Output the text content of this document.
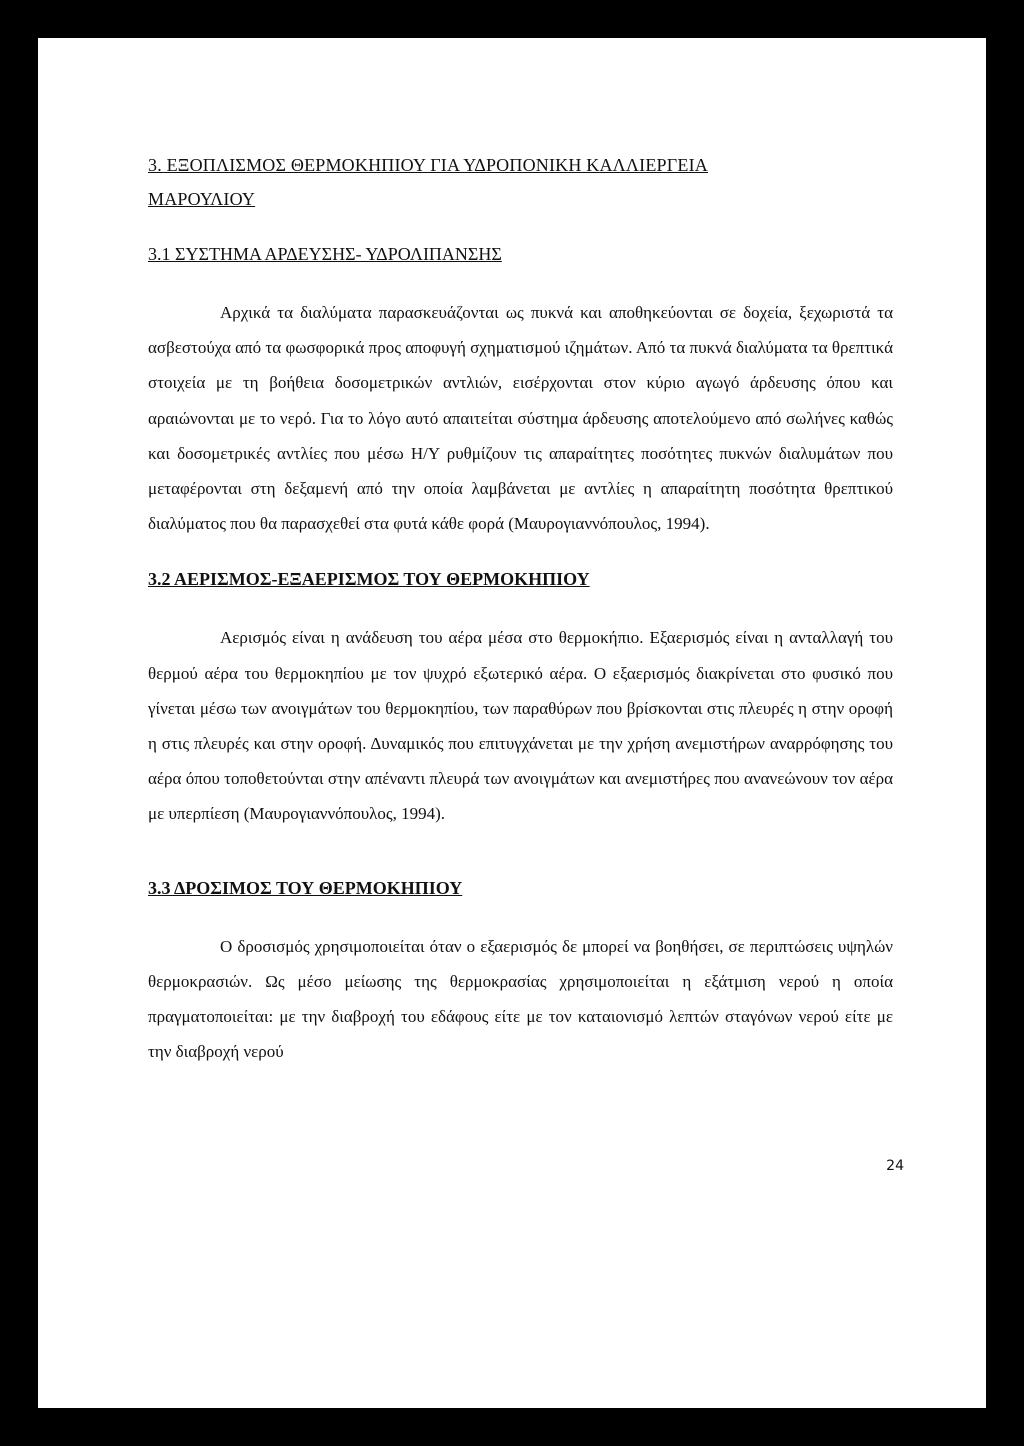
3. ΕΞΟΠΛΙΣΜΟΣ ΘΕΡΜΟΚΗΠΙΟΥ ΓΙΑ ΥΔΡΟΠΟΝΙΚΗ ΚΑΛΛΙΕΡΓΕΙΑ
ΜΑΡΟΥΛΙΟΥ
3.1 ΣΥΣΤΗΜΑ ΑΡΔΕΥΣΗΣ- ΥΔΡΟΛΙΠΑΝΣΗΣ

Αρχικά τα διαλύματα παρασκευάζονται ως πυκνά και αποθηκεύονται σε δοχεία, ξεχωριστά τα ασβεστούχα από τα φωσφορικά προς αποφυγή σχηματισμού ιζημάτων. Από τα πυκνά διαλύματα τα θρεπτικά στοιχεία με τη βοήθεια δοσομετρικών αντλιών, εισέρχονται στον κύριο αγωγό άρδευσης όπου και αραιώνονται με το νερό. Για το λόγο αυτό απαιτείται σύστημα άρδευσης αποτελούμενο από σωλήνες καθώς και δοσομετρικές αντλίες που μέσω Η/Υ ρυθμίζουν τις απαραίτητες ποσότητες πυκνών διαλυμάτων που μεταφέρονται στη δεξαμενή από την οποία λαμβάνεται με αντλίες η απαραίτητη ποσότητα θρεπτικού διαλύματος που θα παρασχεθεί στα φυτά κάθε φορά (Μαυρογιαννόπουλος, 1994).

3.2 ΑΕΡΙΣΜΟΣ-ΕΞΑΕΡΙΣΜΟΣ ΤΟΥ ΘΕΡΜΟΚΗΠΙΟΥ

Αερισμός είναι η ανάδευση του αέρα μέσα στο θερμοκήπιο. Εξαερισμός είναι η ανταλλαγή του θερμού αέρα του θερμοκηπίου με τον ψυχρό εξωτερικό αέρα. Ο εξαερισμός διακρίνεται στο φυσικό που γίνεται μέσω των ανοιγμάτων του θερμοκηπίου, των παραθύρων που βρίσκονται στις πλευρές η στην οροφή η στις πλευρές και στην οροφή. Δυναμικός που επιτυγχάνεται με την χρήση ανεμιστήρων αναρρόφησης του αέρα όπου τοποθετούνται στην απέναντι πλευρά των ανοιγμάτων και ανεμιστήρες που ανανεώνουν τον αέρα με υπερπίεση (Μαυρογιαννόπουλος, 1994).

3.3 ΔΡΟΣΙΜΟΣ ΤΟΥ ΘΕΡΜΟΚΗΠΙΟΥ

Ο δροσισμός χρησιμοποιείται όταν ο εξαερισμός δε μπορεί να βοηθήσει, σε περιπτώσεις υψηλών θερμοκρασιών. Ως μέσο μείωσης της θερμοκρασίας χρησιμοποιείται η εξάτμιση νερού η οποία πραγματοποιείται: με την διαβροχή του εδάφους είτε με τον καταιονισμό λεπτών σταγόνων νερού είτε με την διαβροχή νερού

24
